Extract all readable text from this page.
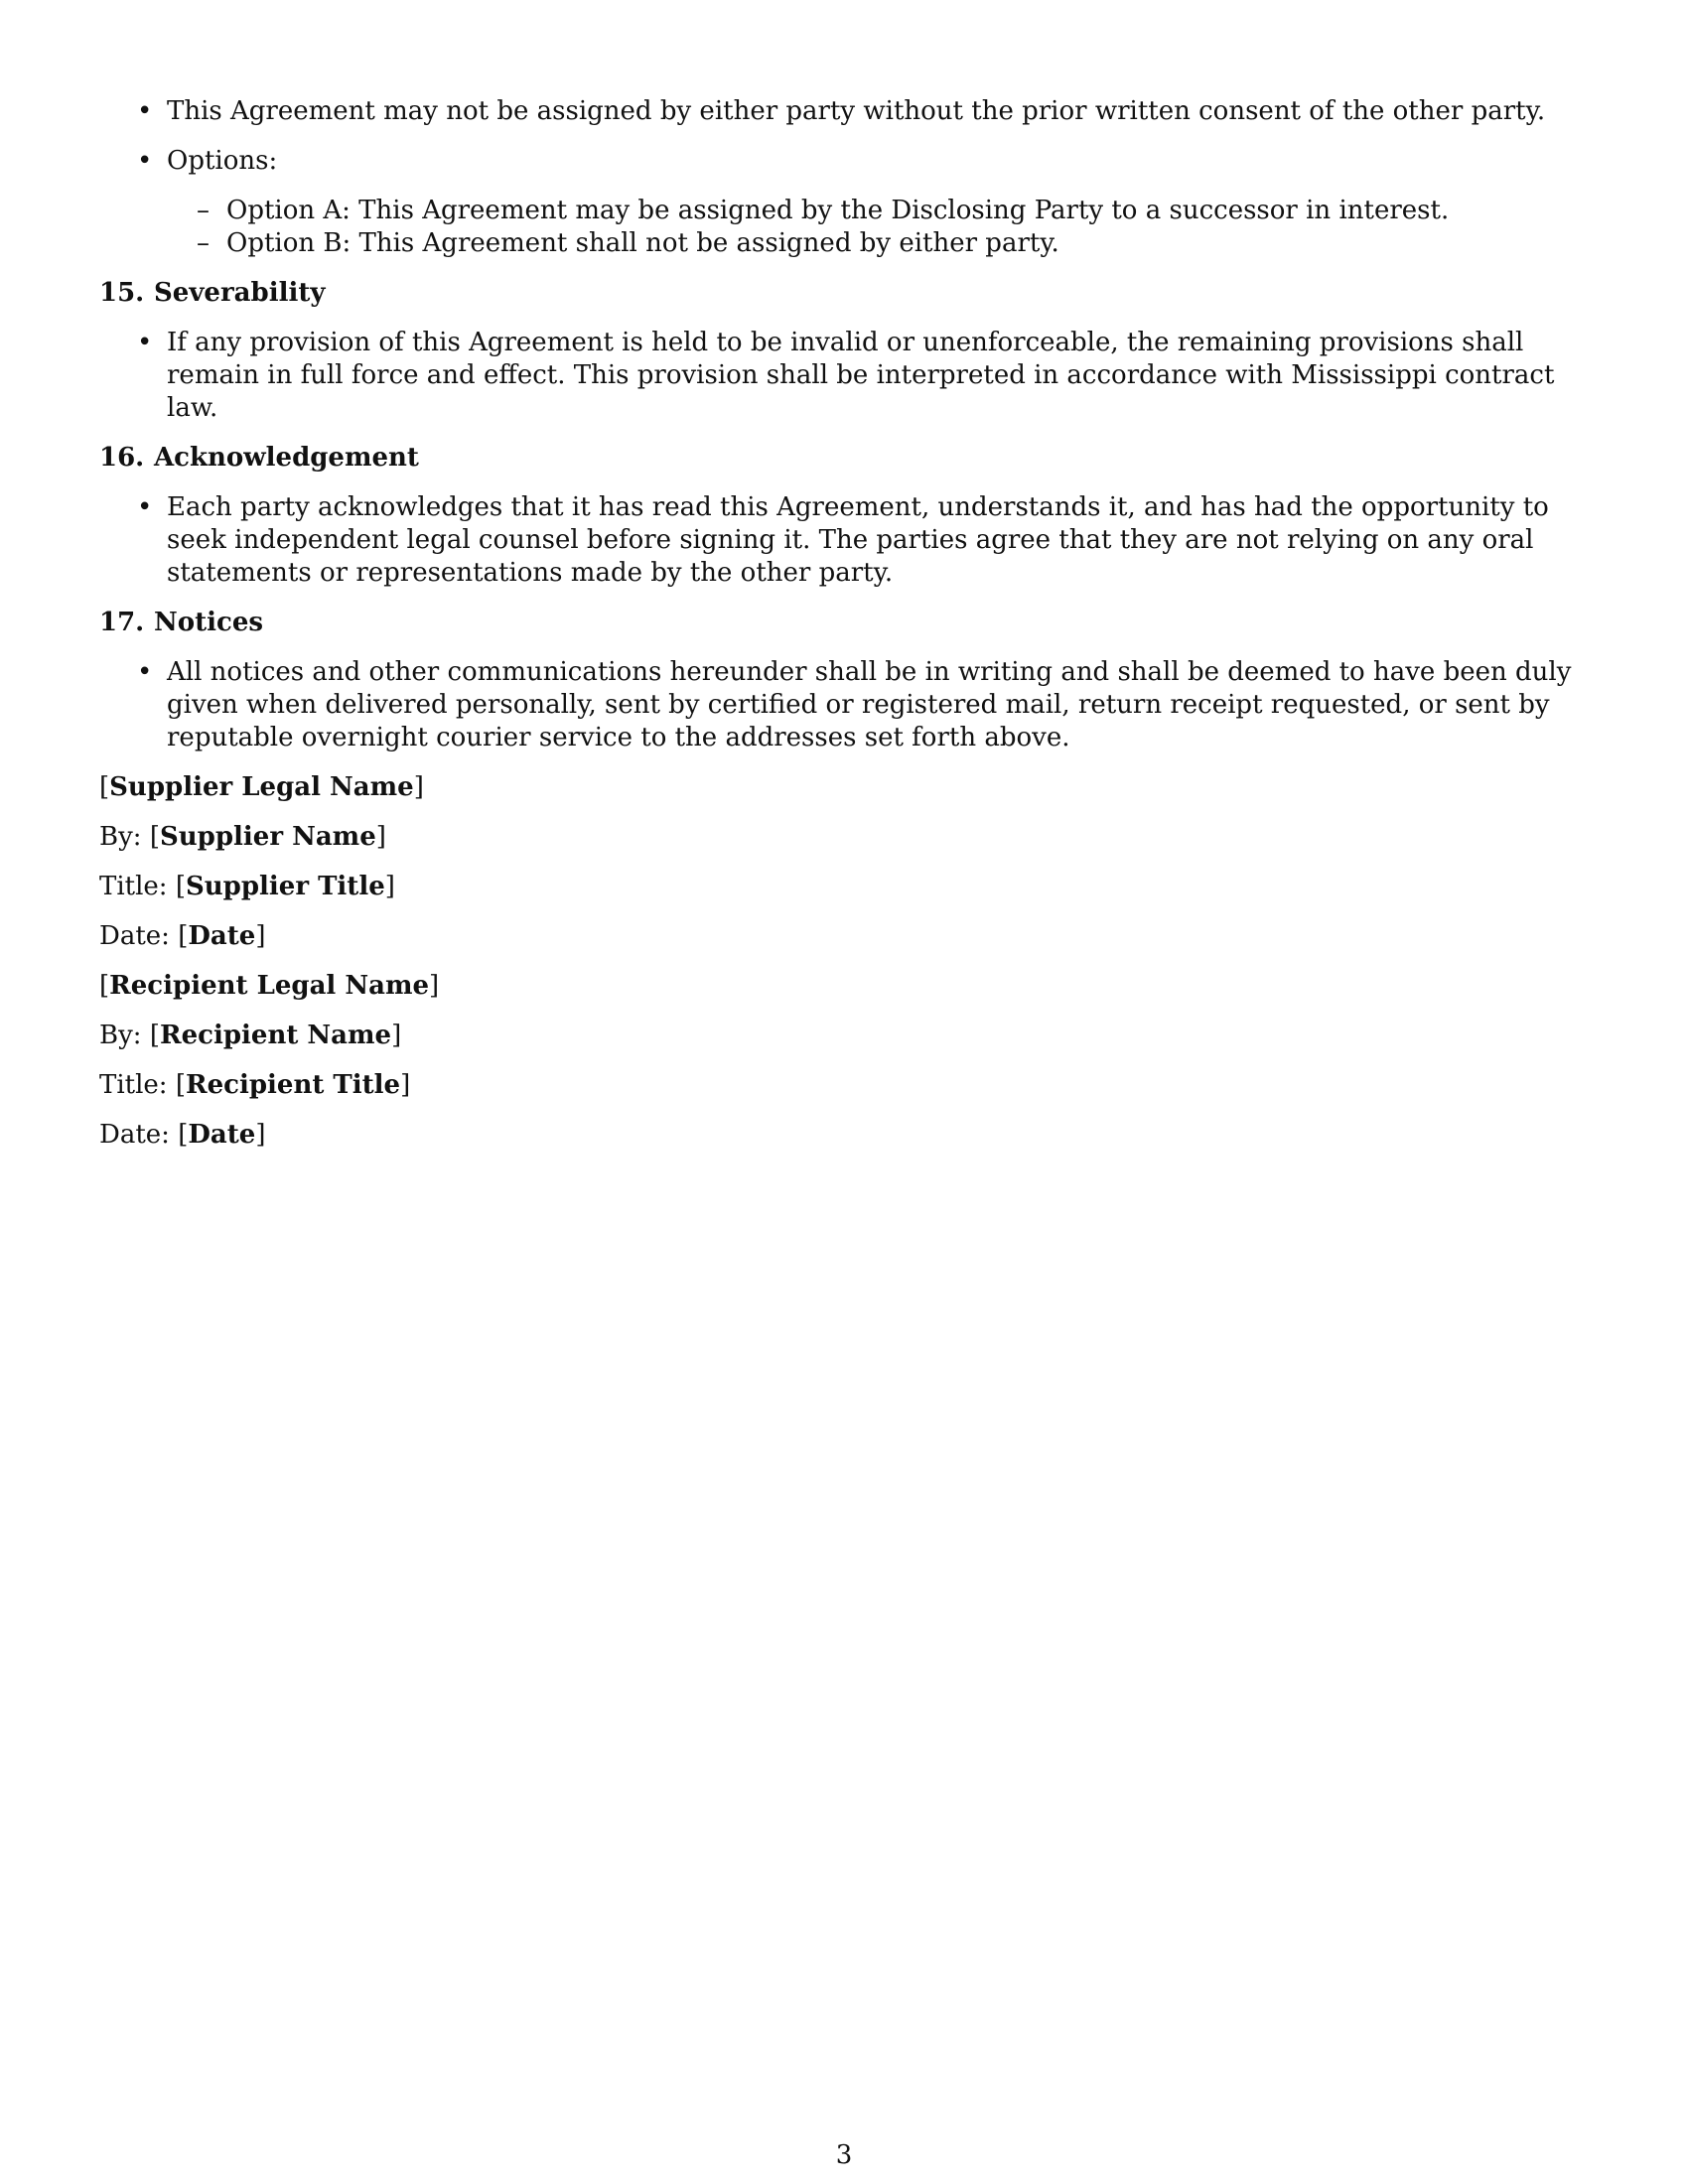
• This Agreement may not be assigned by either party without the prior written consent of the other party.
• Options:
– Option A: This Agreement may be assigned by the Disclosing Party to a successor in interest.
– Option B: This Agreement shall not be assigned by either party.
15. Severability
• If any provision of this Agreement is held to be invalid or unenforceable, the remaining provisions shall remain in full force and effect. This provision shall be interpreted in accordance with Mississippi contract law.
16. Acknowledgement
• Each party acknowledges that it has read this Agreement, understands it, and has had the opportunity to seek independent legal counsel before signing it. The parties agree that they are not relying on any oral statements or representations made by the other party.
17. Notices
• All notices and other communications hereunder shall be in writing and shall be deemed to have been duly given when delivered personally, sent by certified or registered mail, return receipt requested, or sent by reputable overnight courier service to the addresses set forth above.
[Supplier Legal Name]
By: [Supplier Name]
Title: [Supplier Title]
Date: [Date]
[Recipient Legal Name]
By: [Recipient Name]
Title: [Recipient Title]
Date: [Date]
3
